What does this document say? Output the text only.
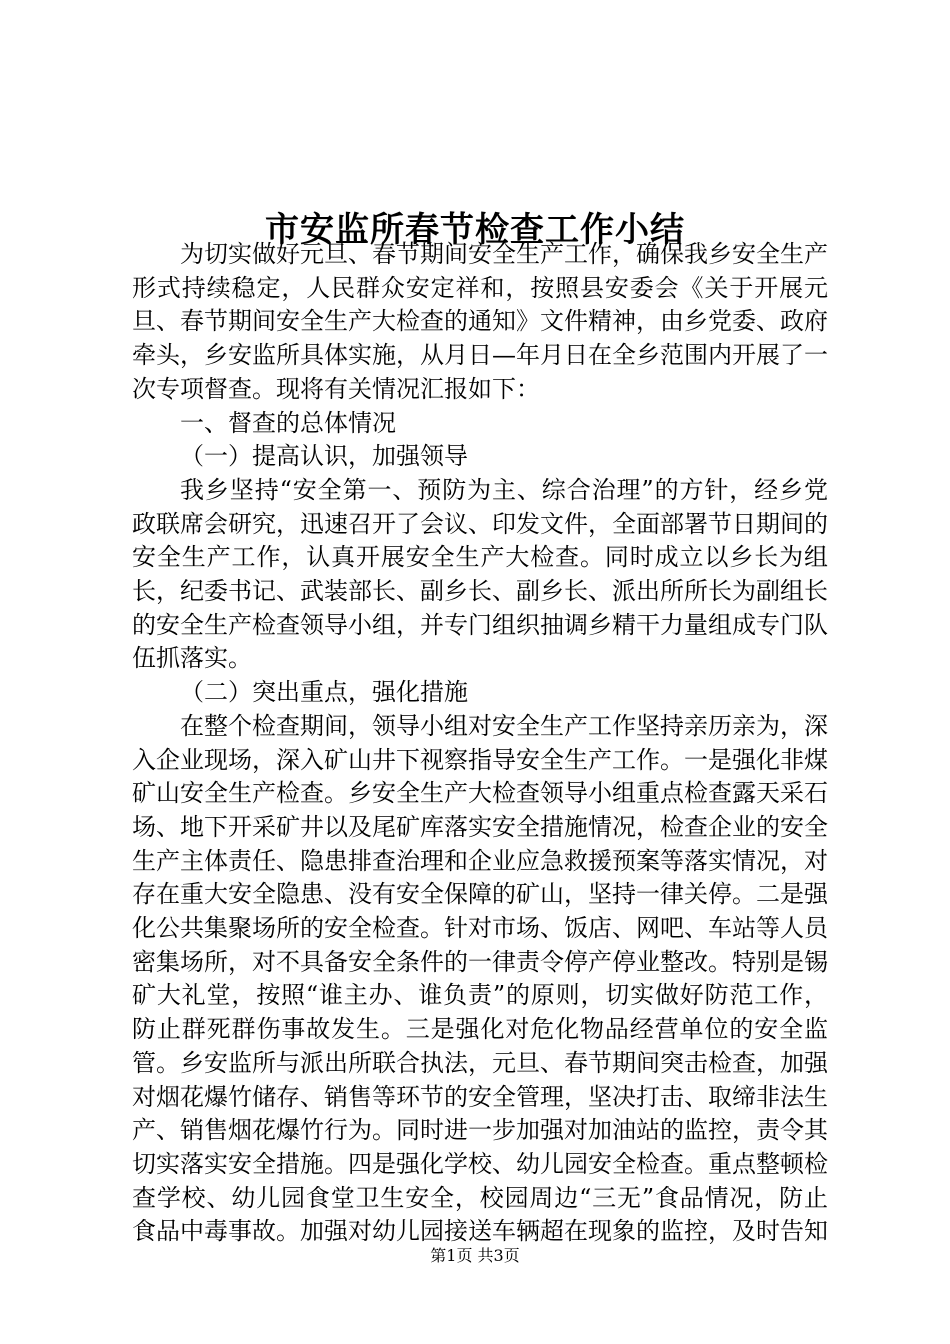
市安监所春节检查工作小结

为切实做好元旦、春节期间安全生产工作，确保我乡安全生产形式持续稳定，人民群众安定祥和，按照县安委会《关于开展元旦、春节期间安全生产大检查的通知》文件精神，由乡党委、政府牵头，乡安监所具体实施，从月日—年月日在全乡范围内开展了一次专项督查。现将有关情况汇报如下：

一、督查的总体情况

（一）提高认识，加强领导

我乡坚持“安全第一、预防为主、综合治理”的方针，经乡党政联席会研究，迅速召开了会议、印发文件，全面部署节日期间的安全生产工作，认真开展安全生产大检查。同时成立以乡长为组长，纪委书记、武装部长、副乡长、副乡长、派出所所长为副组长的安全生产检查领导小组，并专门组织抽调乡精干力量组成专门队伍抓落实。

（二）突出重点，强化措施

在整个检查期间，领导小组对安全生产工作坚持亲历亲为，深入企业现场，深入矿山井下视察指导安全生产工作。一是强化非煤矿山安全生产检查。乡安全生产大检查领导小组重点检查露天采石场、地下开采矿井以及尾矿库落实安全措施情况，检查企业的安全生产主体责任、隐患排查治理和企业应急救援预案等落实情况，对存在重大安全隐患、没有安全保障的矿山，坚持一律关停。二是强化公共集聚场所的安全检查。针对市场、饭店、网吧、车站等人员密集场所，对不具备安全条件的一律责令停产停业整改。特别是锡矿大礼堂，按照“谁主办、谁负责”的原则，切实做好防范工作，防止群死群伤事故发生。三是强化对危化物品经营单位的安全监管。乡安监所与派出所联合执法，元旦、春节期间突击检查，加强对烟花爆竹储存、销售等环节的安全管理，坚决打击、取缔非法生产、销售烟花爆竹行为。同时进一步加强对加油站的监控，责令其切实落实安全措施。四是强化学校、幼儿园安全检查。重点整顿检查学校、幼儿园食堂卫生安全，校园周边“三无”食品情况，防止食品中毒事故。加强对幼儿园接送车辆超在现象的监控，及时告知

第1页 共3页
